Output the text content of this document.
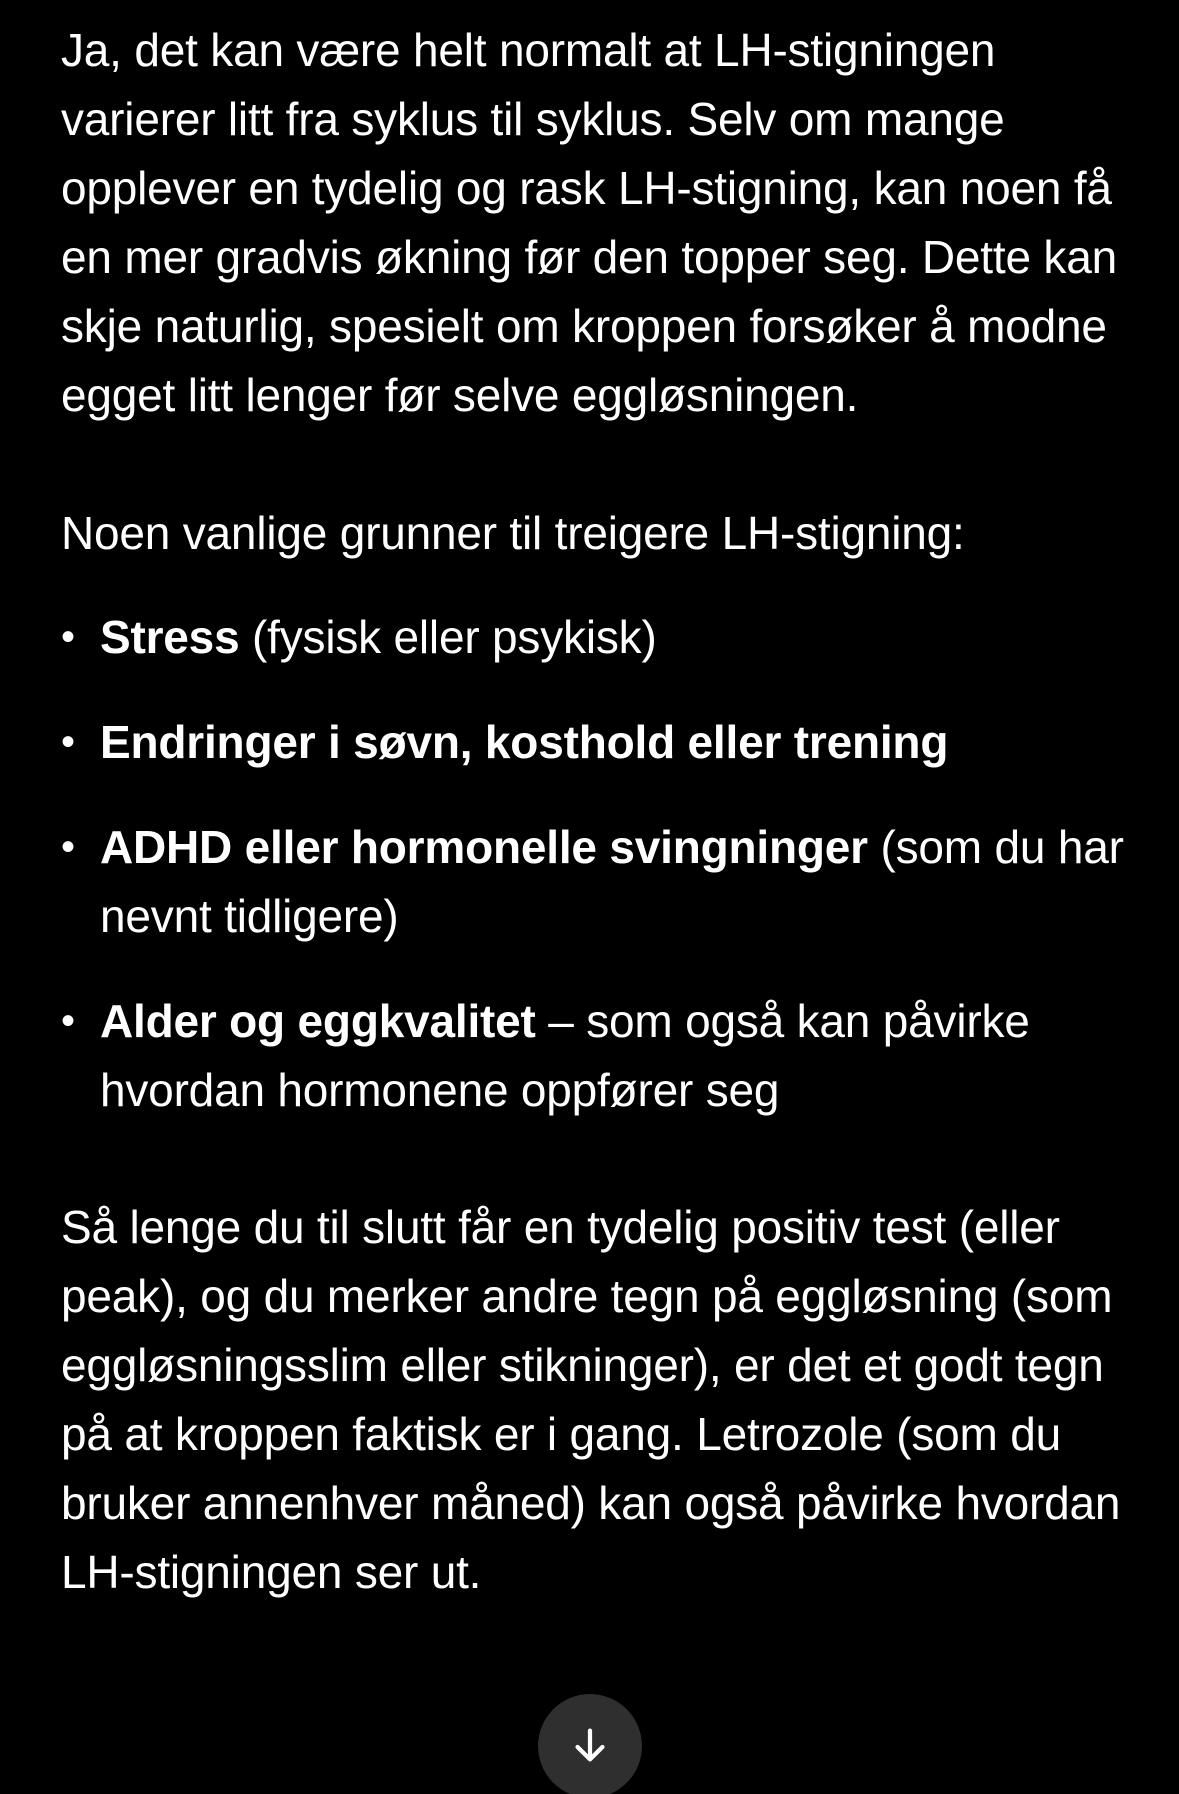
Ja, det kan være helt normalt at LH-stigningen varierer litt fra syklus til syklus. Selv om mange opplever en tydelig og rask LH-stigning, kan noen få en mer gradvis økning før den topper seg. Dette kan skje naturlig, spesielt om kroppen forsøker å modne egget litt lenger før selve eggløsningen.

Noen vanlige grunner til treigere LH-stigning:

• Stress (fysisk eller psykisk)
• Endringer i søvn, kosthold eller trening
• ADHD eller hormonelle svingninger (som du har nevnt tidligere)
• Alder og eggkvalitet – som også kan påvirke hvordan hormonene oppfører seg

Så lenge du til slutt får en tydelig positiv test (eller peak), og du merker andre tegn på eggløsning (som eggløsningsslim eller stikninger), er det et godt tegn på at kroppen faktisk er i gang. Letrozole (som du bruker annenhver måned) kan også påvirke hvordan LH-stigningen ser ut.
